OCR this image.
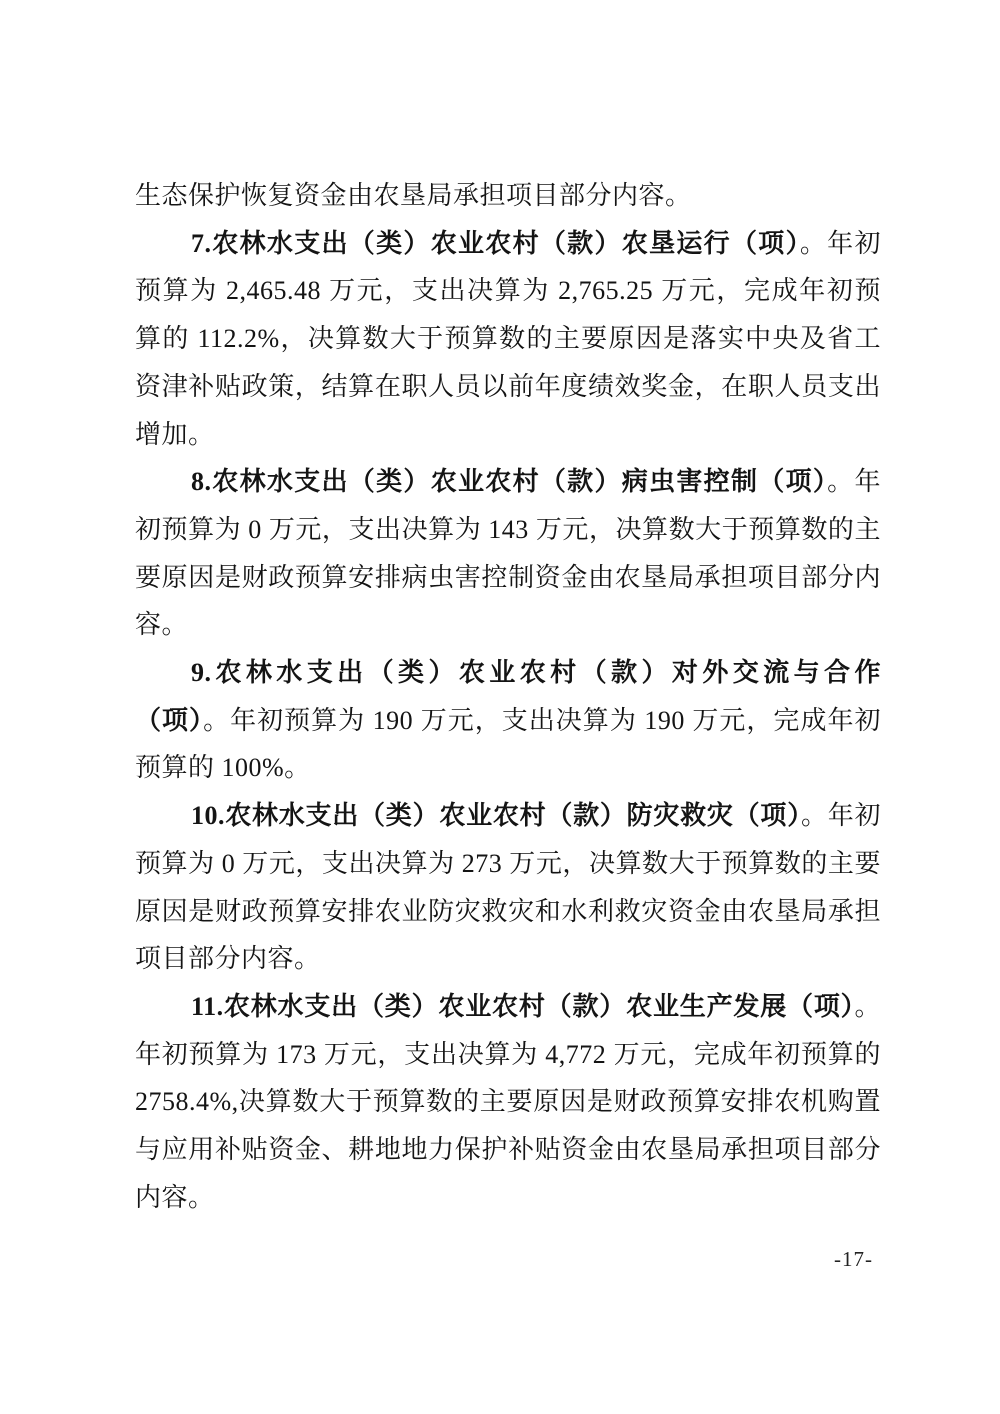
生态保护恢复资金由农垦局承担项目部分内容。

7.农林水支出（类）农业农村（款）农垦运行（项）。年初预算为 2,465.48 万元，支出决算为 2,765.25 万元，完成年初预算的 112.2%，决算数大于预算数的主要原因是落实中央及省工资津补贴政策，结算在职人员以前年度绩效奖金，在职人员支出增加。

8.农林水支出（类）农业农村（款）病虫害控制（项）。年初预算为 0 万元，支出决算为 143 万元，决算数大于预算数的主要原因是财政预算安排病虫害控制资金由农垦局承担项目部分内容。

9.农林水支出（类）农业农村（款）对外交流与合作（项）。年初预算为 190 万元，支出决算为 190 万元，完成年初预算的 100%。

10.农林水支出（类）农业农村（款）防灾救灾（项）。年初预算为 0 万元，支出决算为 273 万元，决算数大于预算数的主要原因是财政预算安排农业防灾救灾和水利救灾资金由农垦局承担项目部分内容。

11.农林水支出（类）农业农村（款）农业生产发展（项）。年初预算为 173 万元，支出决算为 4,772 万元，完成年初预算的 2758.4%,决算数大于预算数的主要原因是财政预算安排农机购置与应用补贴资金、耕地地力保护补贴资金由农垦局承担项目部分内容。

-17-
